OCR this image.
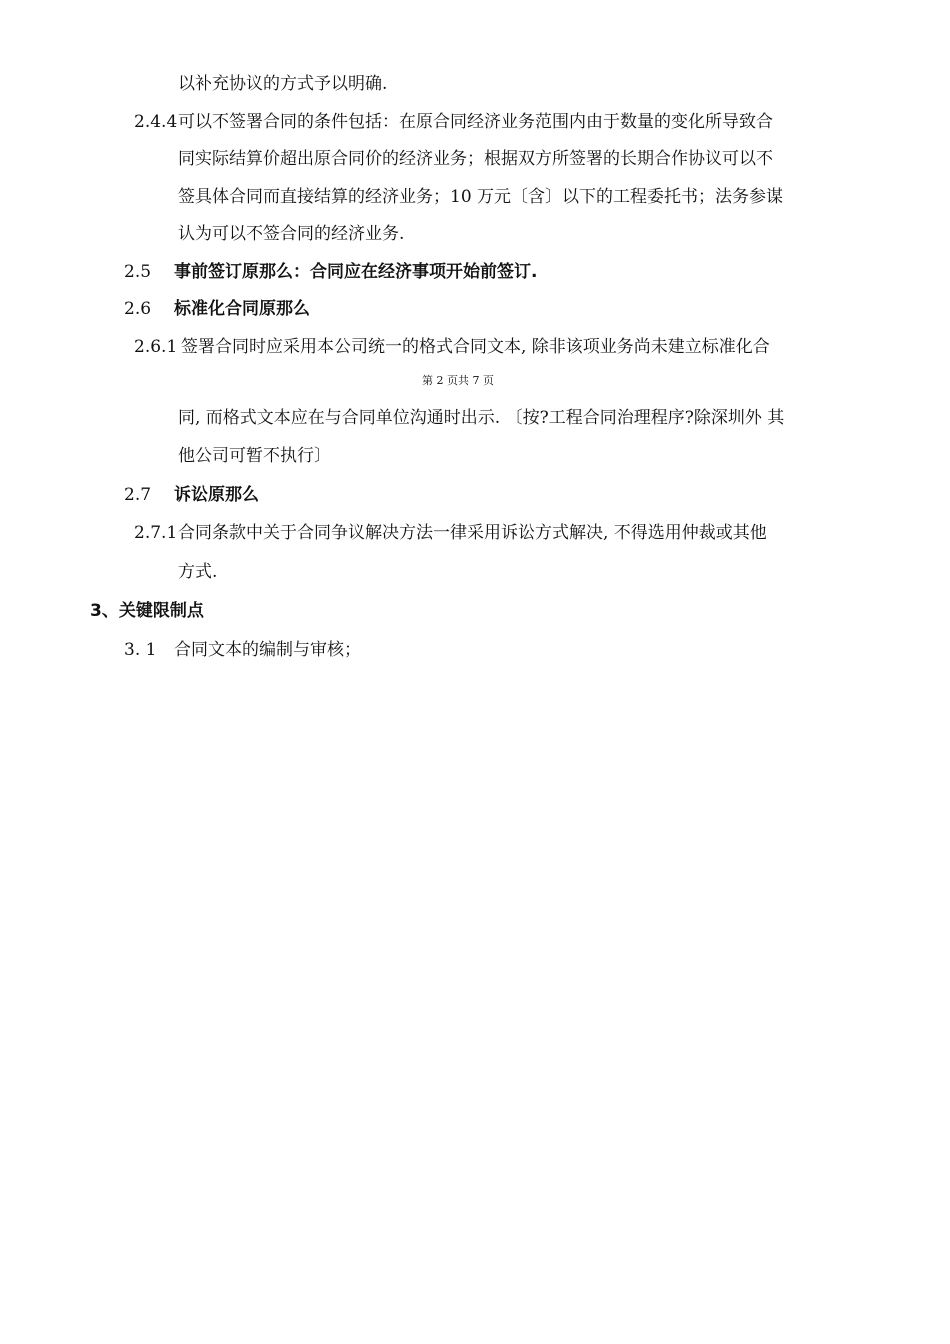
以补充协议的方式予以明确.
2.4.4 可以不签署合同的条件包括：在原合同经济业务范围内由于数量的变化所导致合
同实际结算价超出原合同价的经济业务；根据双方所签署的长期合作协议可以不
签具体合同而直接结算的经济业务；10 万元〔含〕以下的工程委托书；法务参谋
认为可以不签合同的经济业务.
2.5 事前签订原那么：合同应在经济事项开始前签订.
2.6 标准化合同原那么
2.6.1 签署合同时应采用本公司统一的格式合同文本, 除非该项业务尚未建立标准化合
第 2 页共 7 页
同, 而格式文本应在与合同单位沟通时出示. 〔按?工程合同治理程序?除深圳外 其
他公司可暂不执行〕
2.7 诉讼原那么
2.7.1 合同条款中关于合同争议解决方法一律采用诉讼方式解决, 不得选用仲裁或其他
方式.
3、关键限制点
3. 1 合同文本的编制与审核；
